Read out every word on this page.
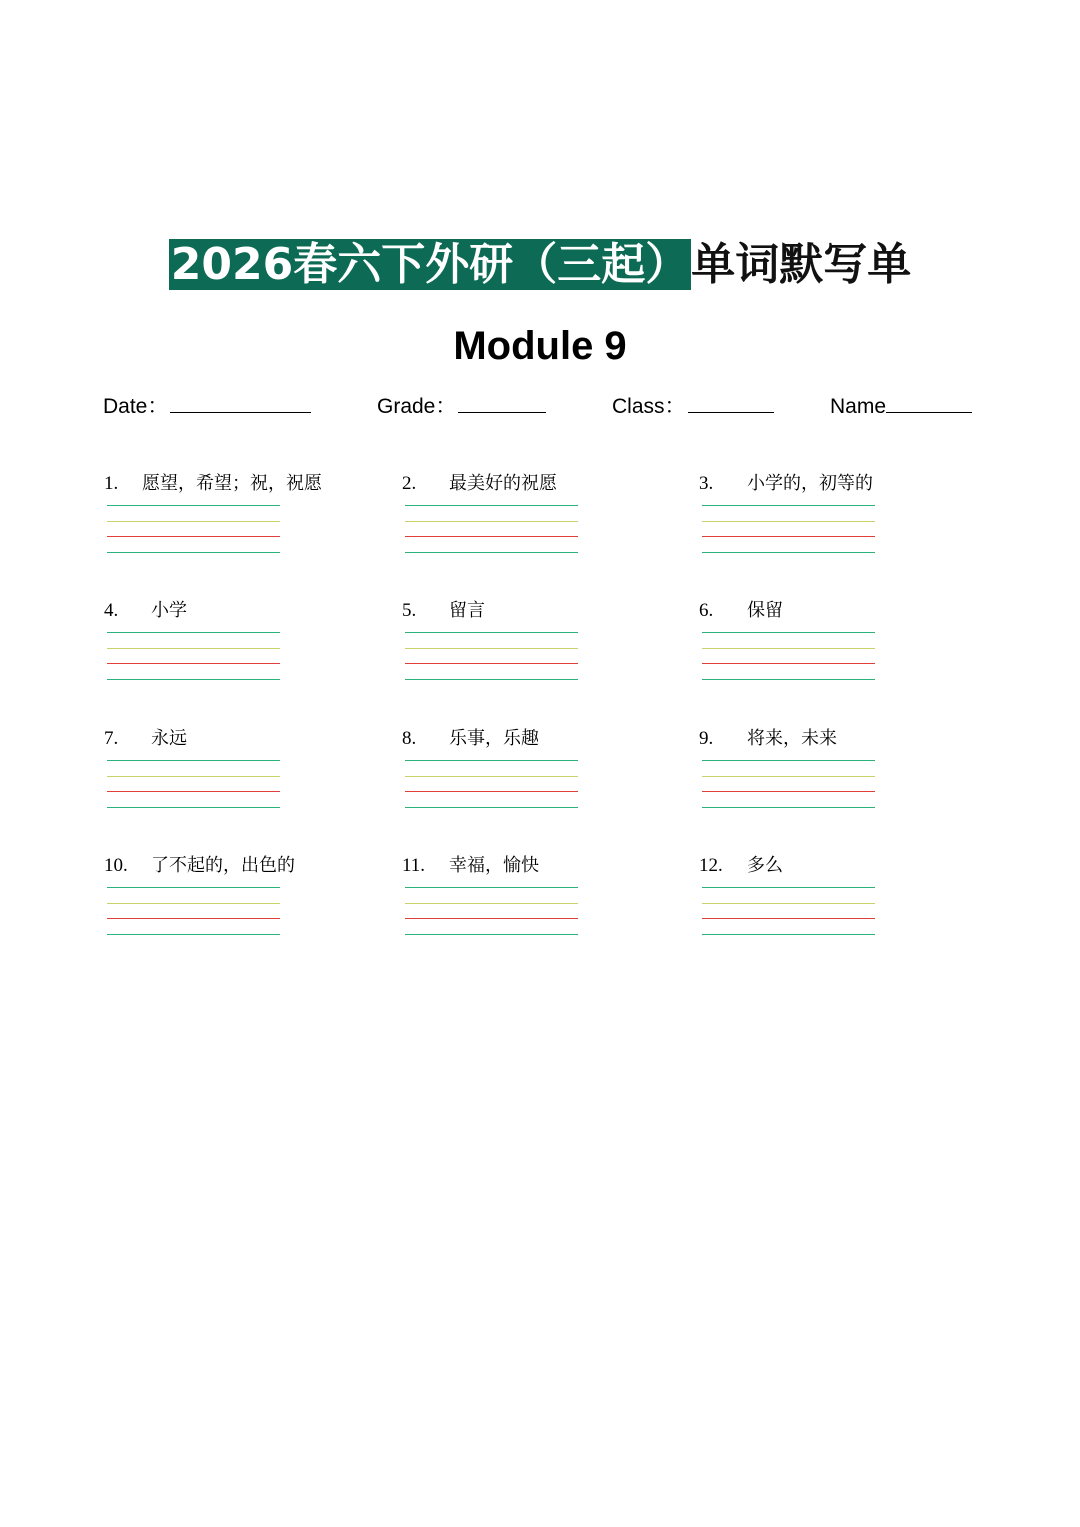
2026春六下外研（三起）单词默写单
Module 9
Date：	Grade：	Class：	Name
1. 愿望，希望；祝，祝愿	2. 最美好的祝愿	3. 小学的，初等的
4. 小学	5. 留言	6. 保留
7. 永远	8. 乐事，乐趣	9. 将来，未来
10. 了不起的，出色的	11. 幸福，愉快	12. 多么
